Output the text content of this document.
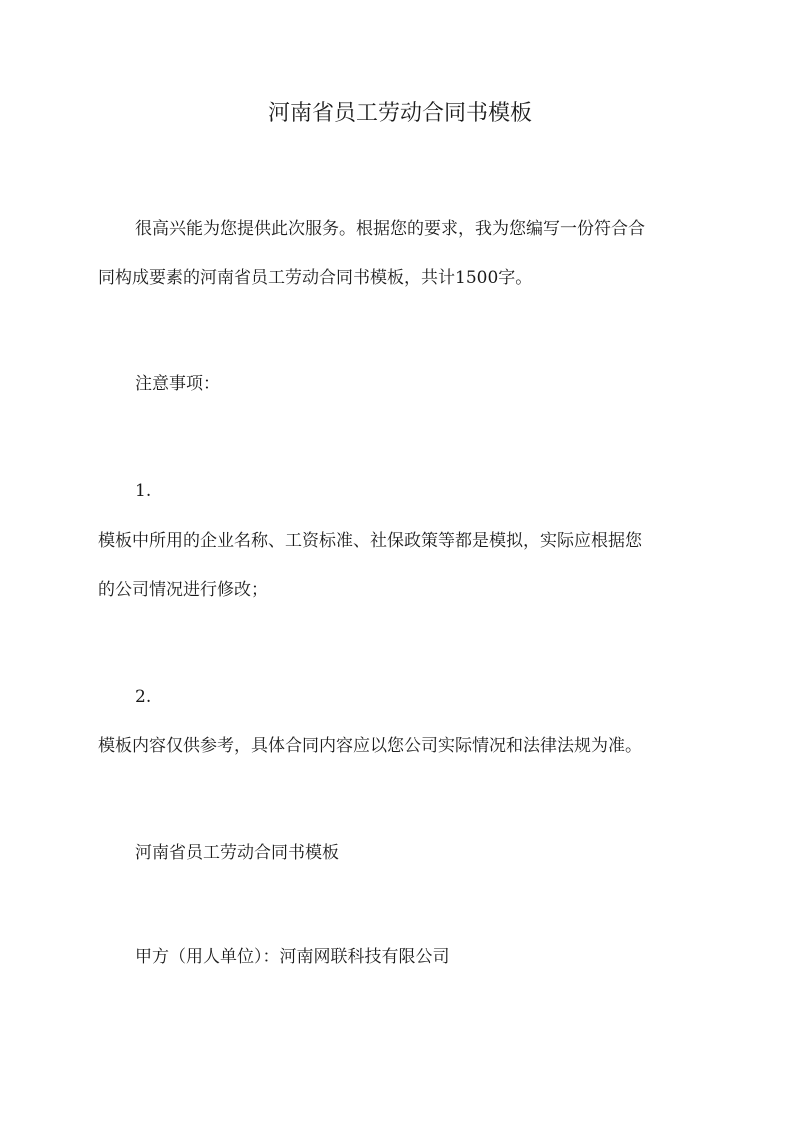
河南省员工劳动合同书模板
很高兴能为您提供此次服务。根据您的要求，我为您编写一份符合合
同构成要素的河南省员工劳动合同书模板，共计1500字。
注意事项：
1.
模板中所用的企业名称、工资标准、社保政策等都是模拟，实际应根据您
的公司情况进行修改；
2.
模板内容仅供参考，具体合同内容应以您公司实际情况和法律法规为准。
河南省员工劳动合同书模板
甲方（用人单位）：河南网联科技有限公司
